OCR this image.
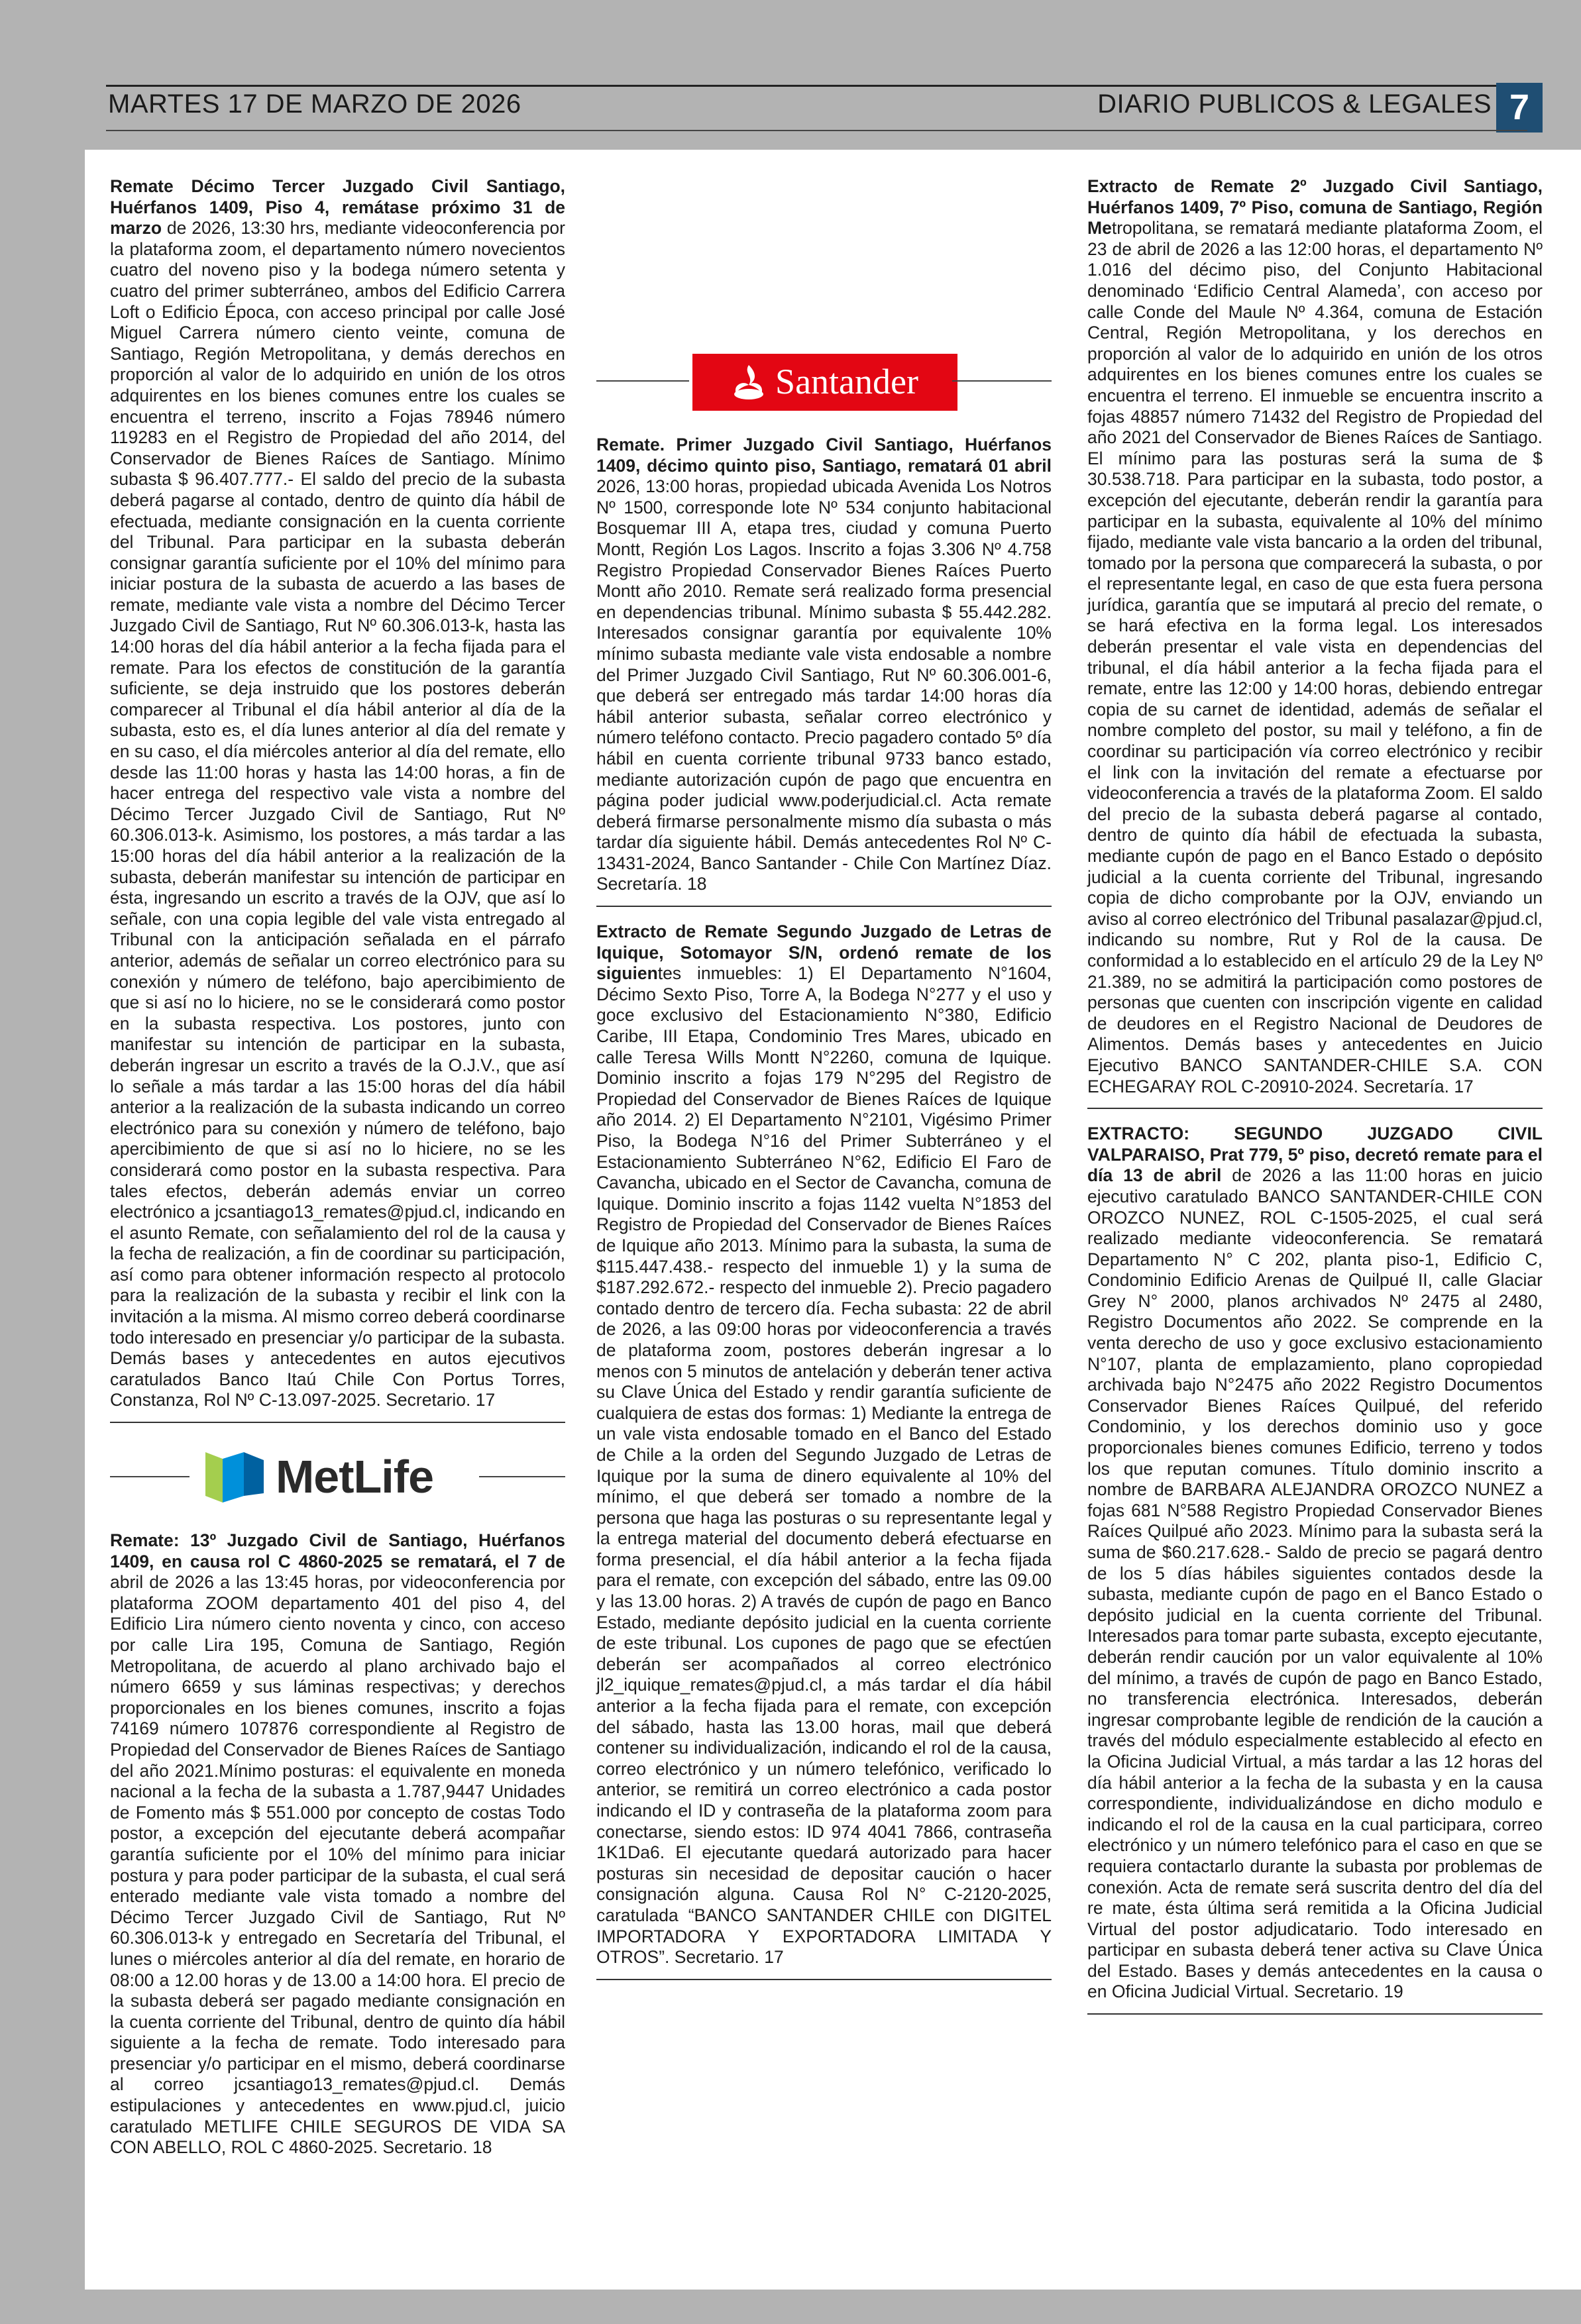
MARTES 17 DE MARZO DE 2026	DIARIO PUBLICOS & LEGALES 7

Remate Décimo Tercer Juzgado Civil Santiago, Huérfanos 1409, Piso 4, remátase próximo 31 de marzo de 2026, 13:30 hrs, mediante videoconferencia por la plataforma zoom, el departamento número novecientos cuatro del noveno piso y la bodega número setenta y cuatro del primer subterráneo, ambos del Edificio Carrera Loft o Edificio Época, con acceso principal por calle José Miguel Carrera número ciento veinte, comuna de Santiago, Región Metropolitana, y demás derechos en proporción al valor de lo adquirido en unión de los otros adquirentes en los bienes comunes entre los cuales se encuentra el terreno, inscrito a Fojas 78946 número 119283 en el Registro de Propiedad del año 2014, del Conservador de Bienes Raíces de Santiago. Mínimo subasta $ 96.407.777.- El saldo del precio de la subasta deberá pagarse al contado, dentro de quinto día hábil de efectuada, mediante consignación en la cuenta corriente del Tribunal. Para participar en la subasta deberán consignar garantía suficiente por el 10% del mínimo para iniciar postura de la subasta de acuerdo a las bases de remate, mediante vale vista a nombre del Décimo Tercer Juzgado Civil de Santiago, Rut Nº 60.306.013-k, hasta las 14:00 horas del día hábil anterior a la fecha fijada para el remate. Para los efectos de constitución de la garantía suficiente, se deja instruido que los postores deberán comparecer al Tribunal el día hábil anterior al día de la subasta, esto es, el día lunes anterior al día del remate y en su caso, el día miércoles anterior al día del remate, ello desde las 11:00 horas y hasta las 14:00 horas, a fin de hacer entrega del respectivo vale vista a nombre del Décimo Tercer Juzgado Civil de Santiago, Rut Nº 60.306.013-k. Asimismo, los postores, a más tardar a las 15:00 horas del día hábil anterior a la realización de la subasta, deberán manifestar su intención de participar en ésta, ingresando un escrito a través de la OJV, que así lo señale, con una copia legible del vale vista entregado al Tribunal con la anticipación señalada en el párrafo anterior, además de señalar un correo electrónico para su conexión y número de teléfono, bajo apercibimiento de que si así no lo hiciere, no se le considerará como postor en la subasta respectiva. Los postores, junto con manifestar su intención de participar en la subasta, deberán ingresar un escrito a través de la O.J.V., que así lo señale a más tardar a las 15:00 horas del día hábil anterior a la realización de la subasta indicando un correo electrónico para su conexión y número de teléfono, bajo apercibimiento de que si así no lo hiciere, no se les considerará como postor en la subasta respectiva. Para tales efectos, deberán además enviar un correo electrónico a jcsantiago13_remates@pjud.cl, indicando en el asunto Remate, con señalamiento del rol de la causa y la fecha de realización, a fin de coordinar su participación, así como para obtener información respecto al protocolo para la realización de la subasta y recibir el link con la invitación a la misma. Al mismo correo deberá coordinarse todo interesado en presenciar y/o participar de la subasta. Demás bases y antecedentes en autos ejecutivos caratulados Banco Itaú Chile Con Portus Torres, Constanza, Rol Nº C-13.097-2025. Secretario. 17

MetLife

Remate: 13º Juzgado Civil de Santiago, Huérfanos 1409, en causa rol C 4860-2025 se rematará, el 7 de abril de 2026 a las 13:45 horas, por videoconferencia por plataforma ZOOM departamento 401 del piso 4, del Edificio Lira número ciento noventa y cinco, con acceso por calle Lira 195, Comuna de Santiago, Región Metropolitana, de acuerdo al plano archivado bajo el número 6659 y sus láminas respectivas; y derechos proporcionales en los bienes comunes, inscrito a fojas 74169 número 107876 correspondiente al Registro de Propiedad del Conservador de Bienes Raíces de Santiago del año 2021.Mínimo posturas: el equivalente en moneda nacional a la fecha de la subasta a 1.787,9447 Unidades de Fomento más $ 551.000 por concepto de costas Todo postor, a excepción del ejecutante deberá acompañar garantía suficiente por el 10% del mínimo para iniciar postura y para poder participar de la subasta, el cual será enterado mediante vale vista tomado a nombre del Décimo Tercer Juzgado Civil de Santiago, Rut Nº 60.306.013-k y entregado en Secretaría del Tribunal, el lunes o miércoles anterior al día del remate, en horario de 08:00 a 12.00 horas y de 13.00 a 14:00 hora. El precio de la subasta deberá ser pagado mediante consignación en la cuenta corriente del Tribunal, dentro de quinto día hábil siguiente a la fecha de remate. Todo interesado para presenciar y/o participar en el mismo, deberá coordinarse al correo jcsantiago13_remates@pjud.cl. Demás estipulaciones y antecedentes en www.pjud.cl, juicio caratulado METLIFE CHILE SEGUROS DE VIDA SA CON ABELLO, ROL C 4860-2025. Secretario. 18

Santander

Remate. Primer Juzgado Civil Santiago, Huérfanos 1409, décimo quinto piso, Santiago, rematará 01 abril 2026, 13:00 horas, propiedad ubicada Avenida Los Notros Nº 1500, corresponde lote Nº 534 conjunto habitacional Bosquemar III A, etapa tres, ciudad y comuna Puerto Montt, Región Los Lagos. Inscrito a fojas 3.306 Nº 4.758 Registro Propiedad Conservador Bienes Raíces Puerto Montt año 2010. Remate será realizado forma presencial en dependencias tribunal. Mínimo subasta $ 55.442.282. Interesados consignar garantía por equivalente 10% mínimo subasta mediante vale vista endosable a nombre del Primer Juzgado Civil Santiago, Rut Nº 60.306.001-6, que deberá ser entregado más tardar 14:00 horas día hábil anterior subasta, señalar correo electrónico y número teléfono contacto. Precio pagadero contado 5º día hábil en cuenta corriente tribunal 9733 banco estado, mediante autorización cupón de pago que encuentra en página poder judicial www.poderjudicial.cl. Acta remate deberá firmarse personalmente mismo día subasta o más tardar día siguiente hábil. Demás antecedentes Rol Nº C-13431-2024, Banco Santander - Chile Con Martínez Díaz. Secretaría. 18

Extracto de Remate Segundo Juzgado de Letras de Iquique, Sotomayor S/N, ordenó remate de los siguientes inmuebles: 1) El Departamento N°1604, Décimo Sexto Piso, Torre A, la Bodega N°277 y el uso y goce exclusivo del Estacionamiento N°380, Edificio Caribe, III Etapa, Condominio Tres Mares, ubicado en calle Teresa Wills Montt N°2260, comuna de Iquique. Dominio inscrito a fojas 179 N°295 del Registro de Propiedad del Conservador de Bienes Raíces de Iquique año 2014. 2) El Departamento N°2101, Vigésimo Primer Piso, la Bodega N°16 del Primer Subterráneo y el Estacionamiento Subterráneo N°62, Edificio El Faro de Cavancha, ubicado en el Sector de Cavancha, comuna de Iquique. Dominio inscrito a fojas 1142 vuelta N°1853 del Registro de Propiedad del Conservador de Bienes Raíces de Iquique año 2013. Mínimo para la subasta, la suma de $115.447.438.- respecto del inmueble 1) y la suma de $187.292.672.- respecto del inmueble 2). Precio pagadero contado dentro de tercero día. Fecha subasta: 22 de abril de 2026, a las 09:00 horas por videoconferencia a través de plataforma zoom, postores deberán ingresar a lo menos con 5 minutos de antelación y deberán tener activa su Clave Única del Estado y rendir garantía suficiente de cualquiera de estas dos formas: 1) Mediante la entrega de un vale vista endosable tomado en el Banco del Estado de Chile a la orden del Segundo Juzgado de Letras de Iquique por la suma de dinero equivalente al 10% del mínimo, el que deberá ser tomado a nombre de la persona que haga las posturas o su representante legal y la entrega material del documento deberá efectuarse en forma presencial, el día hábil anterior a la fecha fijada para el remate, con excepción del sábado, entre las 09.00 y las 13.00 horas. 2) A través de cupón de pago en Banco Estado, mediante depósito judicial en la cuenta corriente de este tribunal. Los cupones de pago que se efectúen deberán ser acompañados al correo electrónico jl2_iquique_remates@pjud.cl, a más tardar el día hábil anterior a la fecha fijada para el remate, con excepción del sábado, hasta las 13.00 horas, mail que deberá contener su individualización, indicando el rol de la causa, correo electrónico y un número telefónico, verificado lo anterior, se remitirá un correo electrónico a cada postor indicando el ID y contraseña de la plataforma zoom para conectarse, siendo estos: ID 974 4041 7866, contraseña 1K1Da6. El ejecutante quedará autorizado para hacer posturas sin necesidad de depositar caución o hacer consignación alguna. Causa Rol N° C-2120-2025, caratulada “BANCO SANTANDER CHILE con DIGITEL IMPORTADORA Y EXPORTADORA LIMITADA Y OTROS”. Secretario. 17

Extracto de Remate 2º Juzgado Civil Santiago, Huérfanos 1409, 7º Piso, comuna de Santiago, Región Metropolitana, se rematará mediante plataforma Zoom, el 23 de abril de 2026 a las 12:00 horas, el departamento Nº 1.016 del décimo piso, del Conjunto Habitacional denominado ‘Edificio Central Alameda’, con acceso por calle Conde del Maule Nº 4.364, comuna de Estación Central, Región Metropolitana, y los derechos en proporción al valor de lo adquirido en unión de los otros adquirentes en los bienes comunes entre los cuales se encuentra el terreno. El inmueble se encuentra inscrito a fojas 48857 número 71432 del Registro de Propiedad del año 2021 del Conservador de Bienes Raíces de Santiago. El mínimo para las posturas será la suma de $ 30.538.718. Para participar en la subasta, todo postor, a excepción del ejecutante, deberán rendir la garantía para participar en la subasta, equivalente al 10% del mínimo fijado, mediante vale vista bancario a la orden del tribunal, tomado por la persona que comparecerá la subasta, o por el representante legal, en caso de que esta fuera persona jurídica, garantía que se imputará al precio del remate, o se hará efectiva en la forma legal. Los interesados deberán presentar el vale vista en dependencias del tribunal, el día hábil anterior a la fecha fijada para el remate, entre las 12:00 y 14:00 horas, debiendo entregar copia de su carnet de identidad, además de señalar el nombre completo del postor, su mail y teléfono, a fin de coordinar su participación vía correo electrónico y recibir el link con la invitación del remate a efectuarse por videoconferencia a través de la plataforma Zoom. El saldo del precio de la subasta deberá pagarse al contado, dentro de quinto día hábil de efectuada la subasta, mediante cupón de pago en el Banco Estado o depósito judicial a la cuenta corriente del Tribunal, ingresando copia de dicho comprobante por la OJV, enviando un aviso al correo electrónico del Tribunal pasalazar@pjud.cl, indicando su nombre, Rut y Rol de la causa. De conformidad a lo establecido en el artículo 29 de la Ley Nº 21.389, no se admitirá la participación como postores de personas que cuenten con inscripción vigente en calidad de deudores en el Registro Nacional de Deudores de Alimentos. Demás bases y antecedentes en Juicio Ejecutivo BANCO SANTANDER-CHILE S.A. CON ECHEGARAY ROL C-20910-2024. Secretaría. 17

EXTRACTO: SEGUNDO JUZGADO CIVIL VALPARAISO, Prat 779, 5º piso, decretó remate para el día 13 de abril de 2026 a las 11:00 horas en juicio ejecutivo caratulado BANCO SANTANDER-CHILE CON OROZCO NUNEZ, ROL C-1505-2025, el cual será realizado mediante videoconferencia. Se rematará Departamento N° C 202, planta piso-1, Edificio C, Condominio Edificio Arenas de Quilpué II, calle Glaciar Grey N° 2000, planos archivados Nº 2475 al 2480, Registro Documentos año 2022. Se comprende en la venta derecho de uso y goce exclusivo estacionamiento N°107, planta de emplazamiento, plano copropiedad archivada bajo N°2475 año 2022 Registro Documentos Conservador Bienes Raíces Quilpué, del referido Condominio, y los derechos dominio uso y goce proporcionales bienes comunes Edificio, terreno y todos los que reputan comunes. Título dominio inscrito a nombre de BARBARA ALEJANDRA OROZCO NUNEZ a fojas 681 N°588 Registro Propiedad Conservador Bienes Raíces Quilpué año 2023. Mínimo para la subasta será la suma de $60.217.628.- Saldo de precio se pagará dentro de los 5 días hábiles siguientes contados desde la subasta, mediante cupón de pago en el Banco Estado o depósito judicial en la cuenta corriente del Tribunal. Interesados para tomar parte subasta, excepto ejecutante, deberán rendir caución por un valor equivalente al 10% del mínimo, a través de cupón de pago en Banco Estado, no transferencia electrónica. Interesados, deberán ingresar comprobante legible de rendición de la caución a través del módulo especialmente establecido al efecto en la Oficina Judicial Virtual, a más tardar a las 12 horas del día hábil anterior a la fecha de la subasta y en la causa correspondiente, individualizándose en dicho modulo e indicando el rol de la causa en la cual participara, correo electrónico y un número telefónico para el caso en que se requiera contactarlo durante la subasta por problemas de conexión. Acta de remate será suscrita dentro del día del re mate, ésta última será remitida a la Oficina Judicial Virtual del postor adjudicatario. Todo interesado en participar en subasta deberá tener activa su Clave Única del Estado. Bases y demás antecedentes en la causa o en Oficina Judicial Virtual. Secretario. 19
